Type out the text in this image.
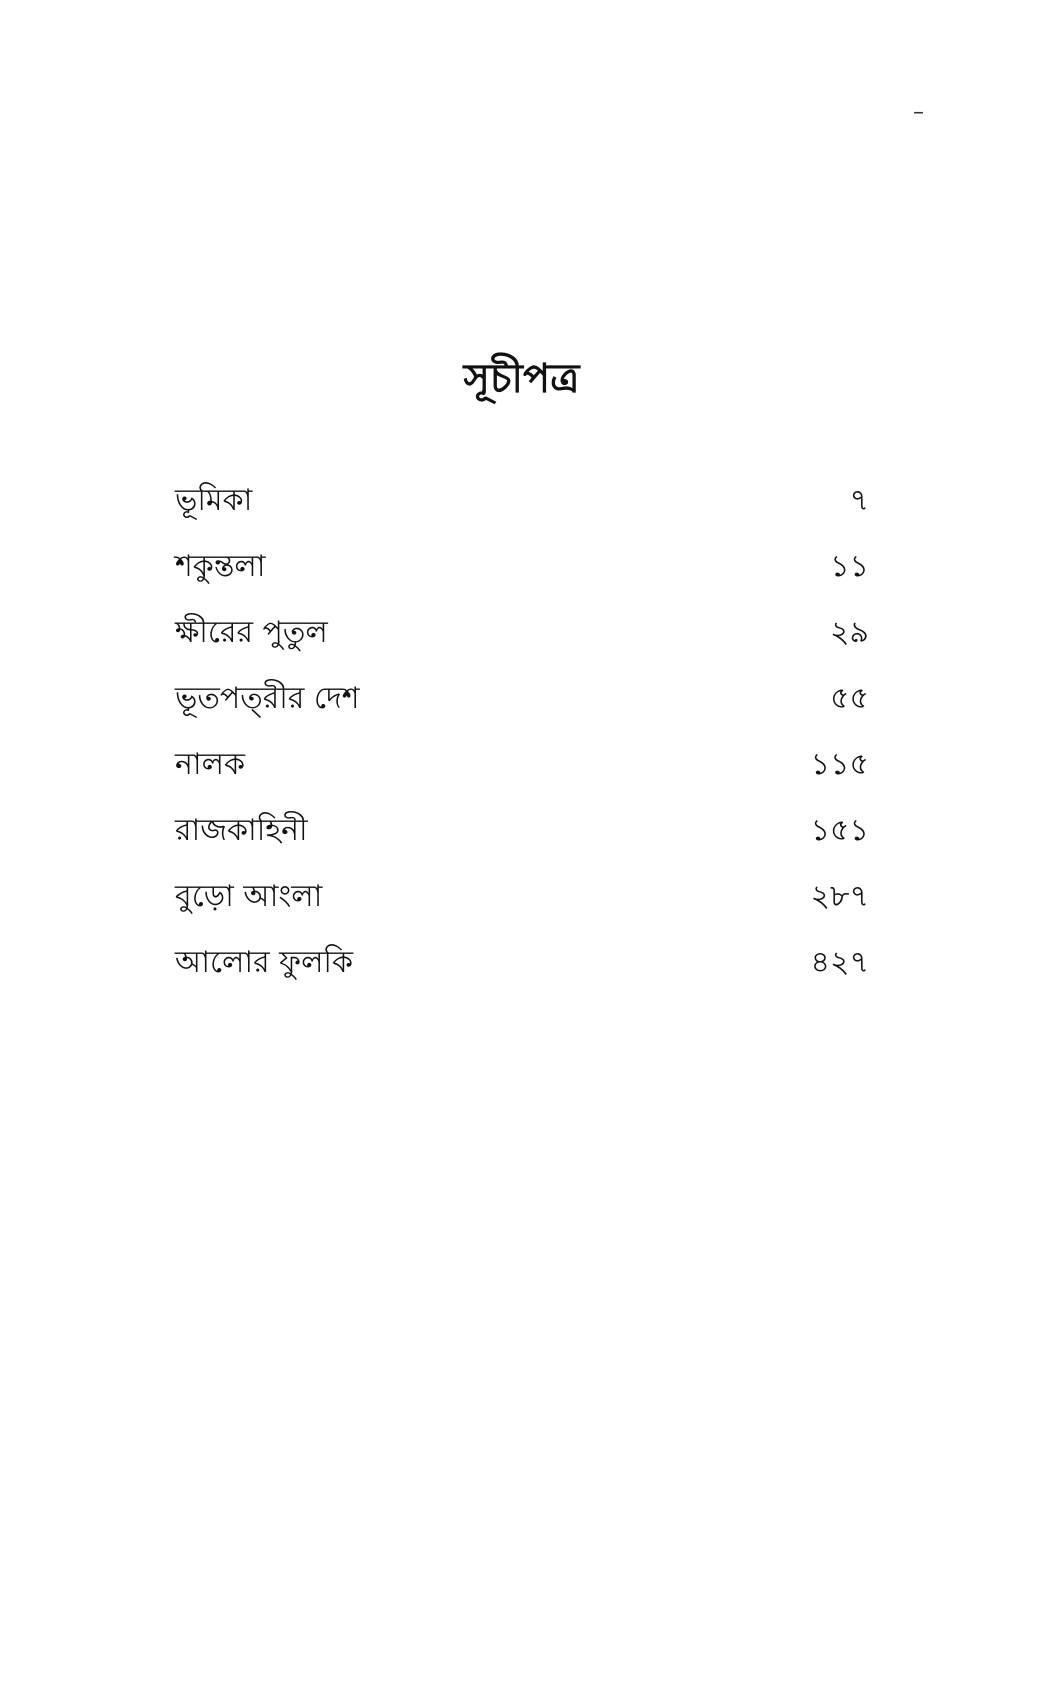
–
সূচীপত্র
ভূমিকা	৭
শকুন্তলা	১১
ক্ষীরের পুতুল	২৯
ভূতপত্‌রীর দেশ	৫৫
নালক	১১৫
রাজকাহিনী	১৫১
বুড়ো আংলা	২৮৭
আলোর ফুলকি	৪২৭
